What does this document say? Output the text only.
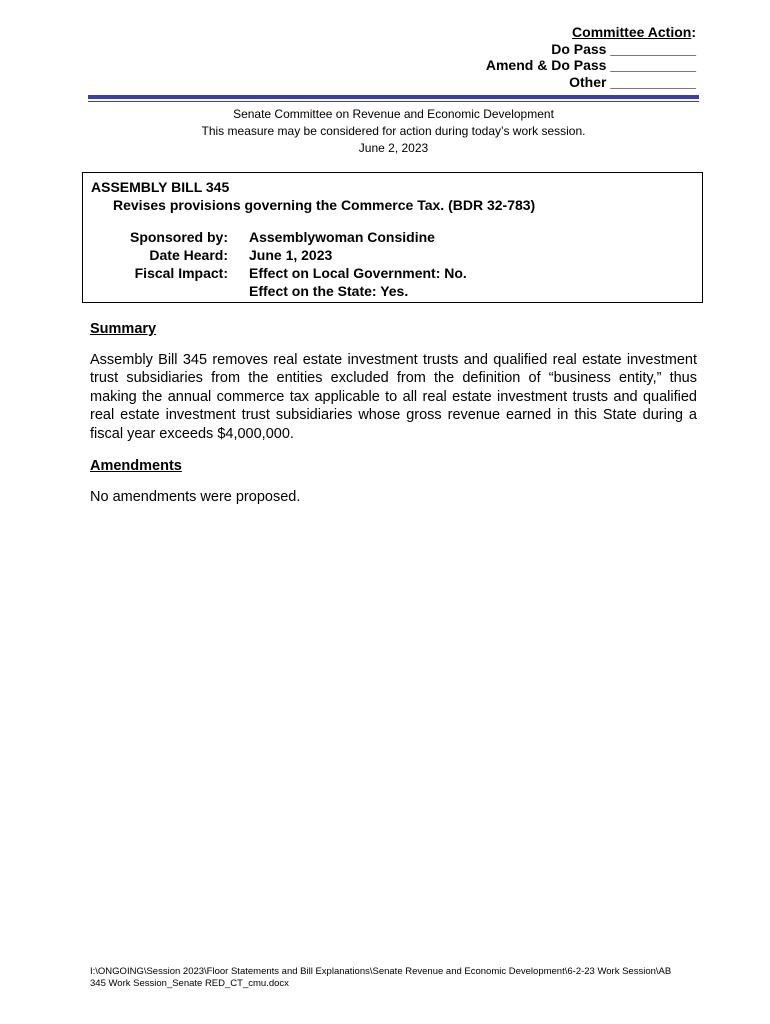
Committee Action:
Do Pass ___________
Amend & Do Pass ___________
Other ___________
Senate Committee on Revenue and Economic Development
This measure may be considered for action during today’s work session.
June 2, 2023
ASSEMBLY BILL 345
Revises provisions governing the Commerce Tax. (BDR 32-783)
Sponsored by: Assemblywoman Considine
Date Heard: June 1, 2023
Fiscal Impact: Effect on Local Government: No.
Effect on the State: Yes.
Summary
Assembly Bill 345 removes real estate investment trusts and qualified real estate investment trust subsidiaries from the entities excluded from the definition of “business entity,” thus making the annual commerce tax applicable to all real estate investment trusts and qualified real estate investment trust subsidiaries whose gross revenue earned in this State during a fiscal year exceeds $4,000,000.
Amendments
No amendments were proposed.
I:\ONGOING\Session 2023\Floor Statements and Bill Explanations\Senate Revenue and Economic Development\6-2-23 Work Session\AB 345 Work Session_Senate RED_CT_cmu.docx
